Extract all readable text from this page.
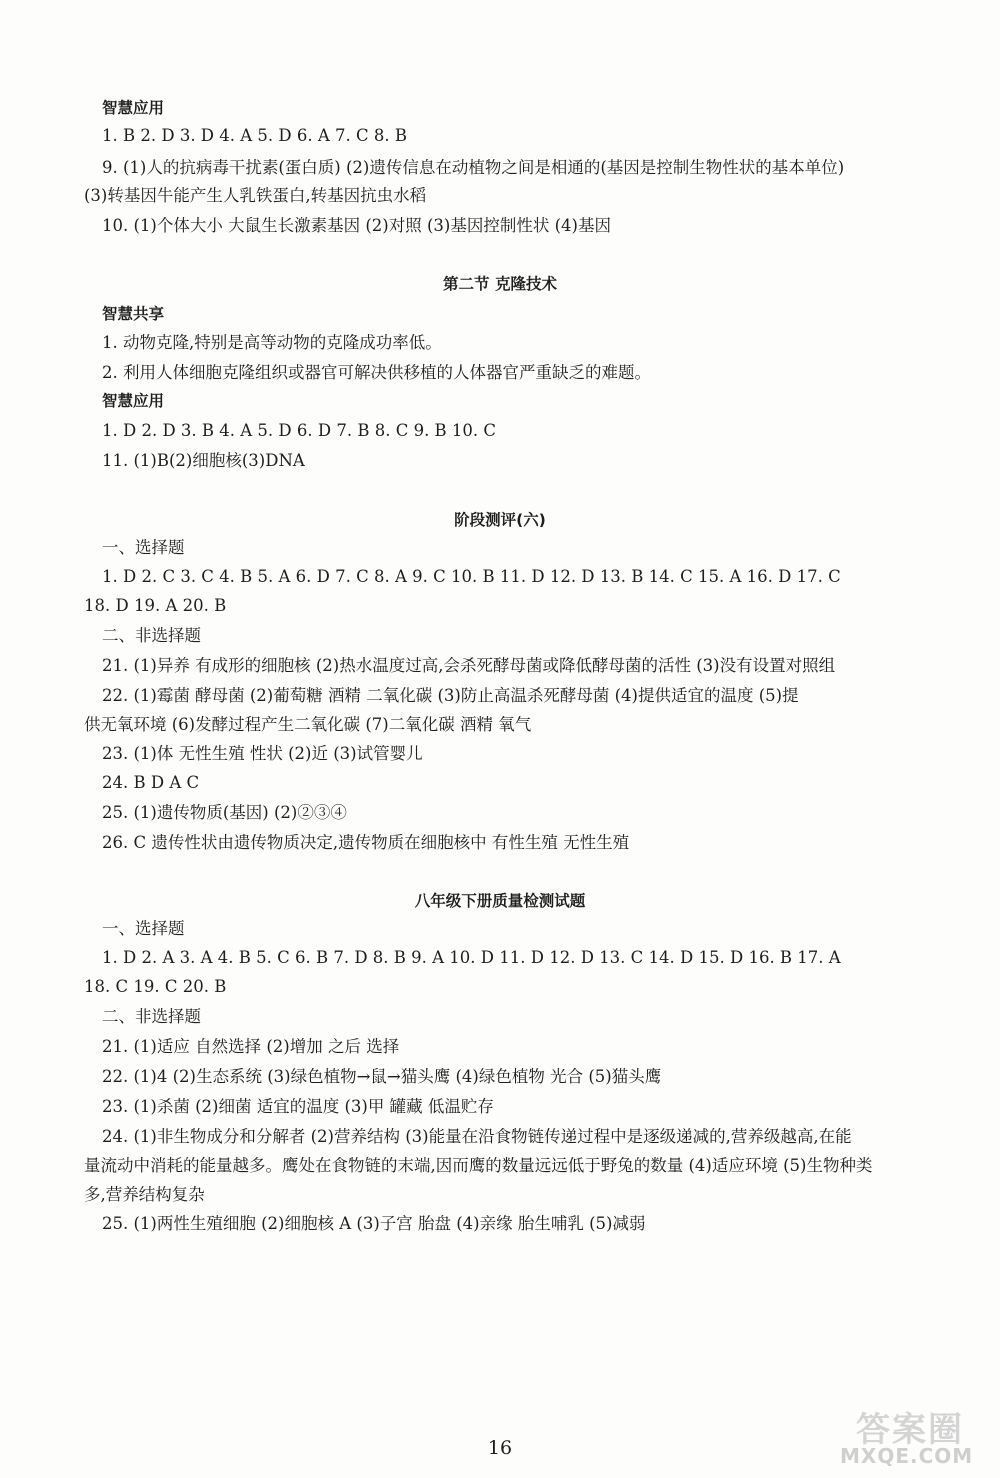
智慧应用
1. B 2. D 3. D 4. A 5. D 6. A 7. C 8. B
9. (1)人的抗病毒干扰素(蛋白质) (2)遗传信息在动植物之间是相通的(基因是控制生物性状的基本单位)
(3)转基因牛能产生人乳铁蛋白,转基因抗虫水稻
10. (1)个体大小 大鼠生长激素基因 (2)对照 (3)基因控制性状 (4)基因
第二节 克隆技术
智慧共享
1. 动物克隆,特别是高等动物的克隆成功率低。
2. 利用人体细胞克隆组织或器官可解决供移植的人体器官严重缺乏的难题。
智慧应用
1. D 2. D 3. B 4. A 5. D 6. D 7. B 8. C 9. B 10. C
11. (1)B(2)细胞核(3)DNA
阶段测评(六)
一、选择题
1. D 2. C 3. C 4. B 5. A 6. D 7. C 8. A 9. C 10. B 11. D 12. D 13. B 14. C 15. A 16. D 17. C
18. D 19. A 20. B
二、非选择题
21. (1)异养 有成形的细胞核 (2)热水温度过高,会杀死酵母菌或降低酵母菌的活性 (3)没有设置对照组
22. (1)霉菌 酵母菌 (2)葡萄糖 酒精 二氧化碳 (3)防止高温杀死酵母菌 (4)提供适宜的温度 (5)提
供无氧环境 (6)发酵过程产生二氧化碳 (7)二氧化碳 酒精 氧气
23. (1)体 无性生殖 性状 (2)近 (3)试管婴儿
24. B D A C
25. (1)遗传物质(基因) (2)②③④
26. C 遗传性状由遗传物质决定,遗传物质在细胞核中 有性生殖 无性生殖
八年级下册质量检测试题
一、选择题
1. D 2. A 3. A 4. B 5. C 6. B 7. D 8. B 9. A 10. D 11. D 12. D 13. C 14. D 15. D 16. B 17. A
18. C 19. C 20. B
二、非选择题
21. (1)适应 自然选择 (2)增加 之后 选择
22. (1)4 (2)生态系统 (3)绿色植物→鼠→猫头鹰 (4)绿色植物 光合 (5)猫头鹰
23. (1)杀菌 (2)细菌 适宜的温度 (3)甲 罐藏 低温贮存
24. (1)非生物成分和分解者 (2)营养结构 (3)能量在沿食物链传递过程中是逐级递减的,营养级越高,在能
量流动中消耗的能量越多。鹰处在食物链的末端,因而鹰的数量远远低于野兔的数量 (4)适应环境 (5)生物种类
多,营养结构复杂
25. (1)两性生殖细胞 (2)细胞核 A (3)子宫 胎盘 (4)亲缘 胎生哺乳 (5)减弱
16	答案圈
MXQE.COM
